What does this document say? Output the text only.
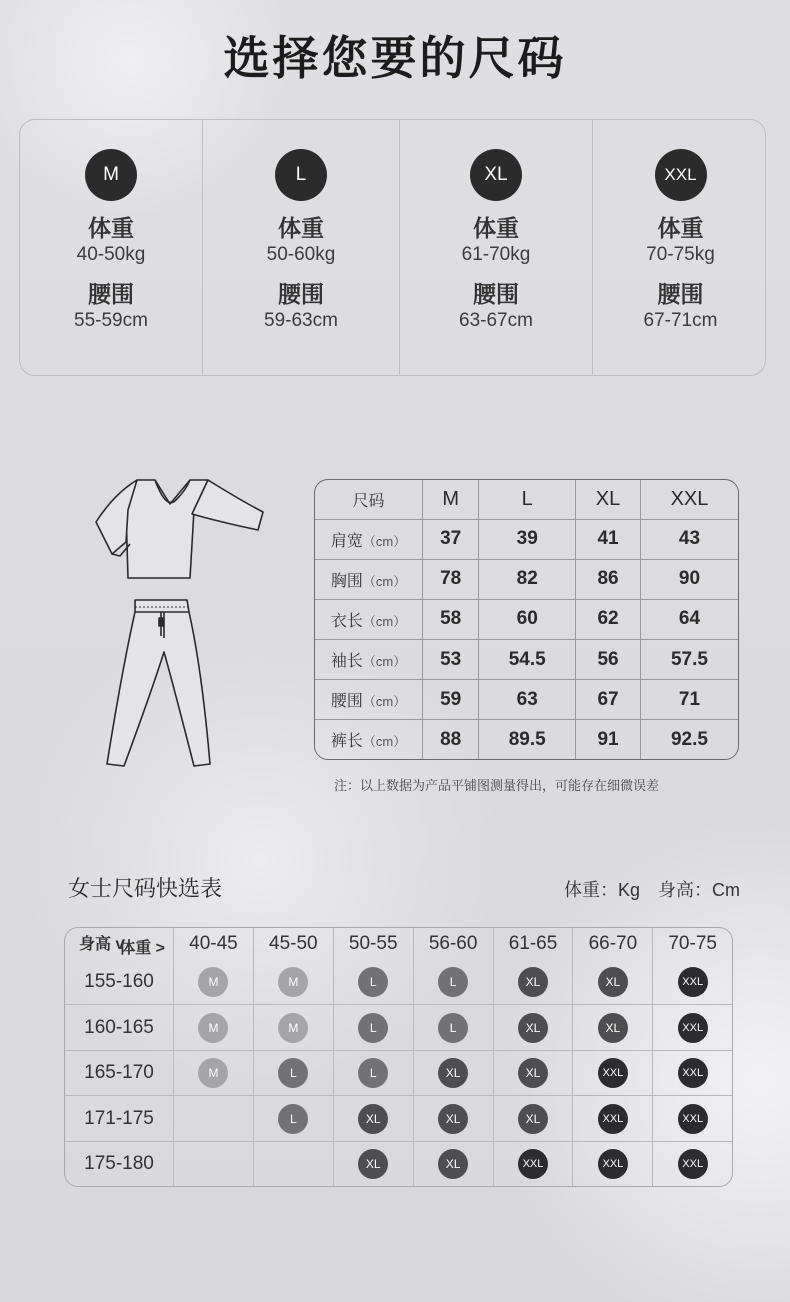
选择您要的尺码
M
体重
40-50kg
腰围
55-59cm
L
体重
50-60kg
腰围
59-63cm
XL
体重
61-70kg
腰围
63-67cm
XXL
体重
70-75kg
腰围
67-71cm
尺码	M	L	XL	XXL
肩宽（cm）	37	39	41	43
胸围（cm）	78	82	86	90
衣长（cm）	58	60	62	64
袖长（cm）	53	54.5	56	57.5
腰围（cm）	59	63	67	71
裤长（cm）	88	89.5	91	92.5
注：以上数据为产品平铺图测量得出，可能存在细微误差
女士尺码快选表	体重：Kg 身高：Cm
体重 >
身高 v	40-45	45-50	50-55	56-60	61-65	66-70	70-75
155-160	M	M	L	L	XL	XL	XXL
160-165	M	M	L	L	XL	XL	XXL
165-170	M	L	L	XL	XL	XXL	XXL
171-175		L	XL	XL	XL	XXL	XXL
175-180			XL	XL	XXL	XXL	XXL
